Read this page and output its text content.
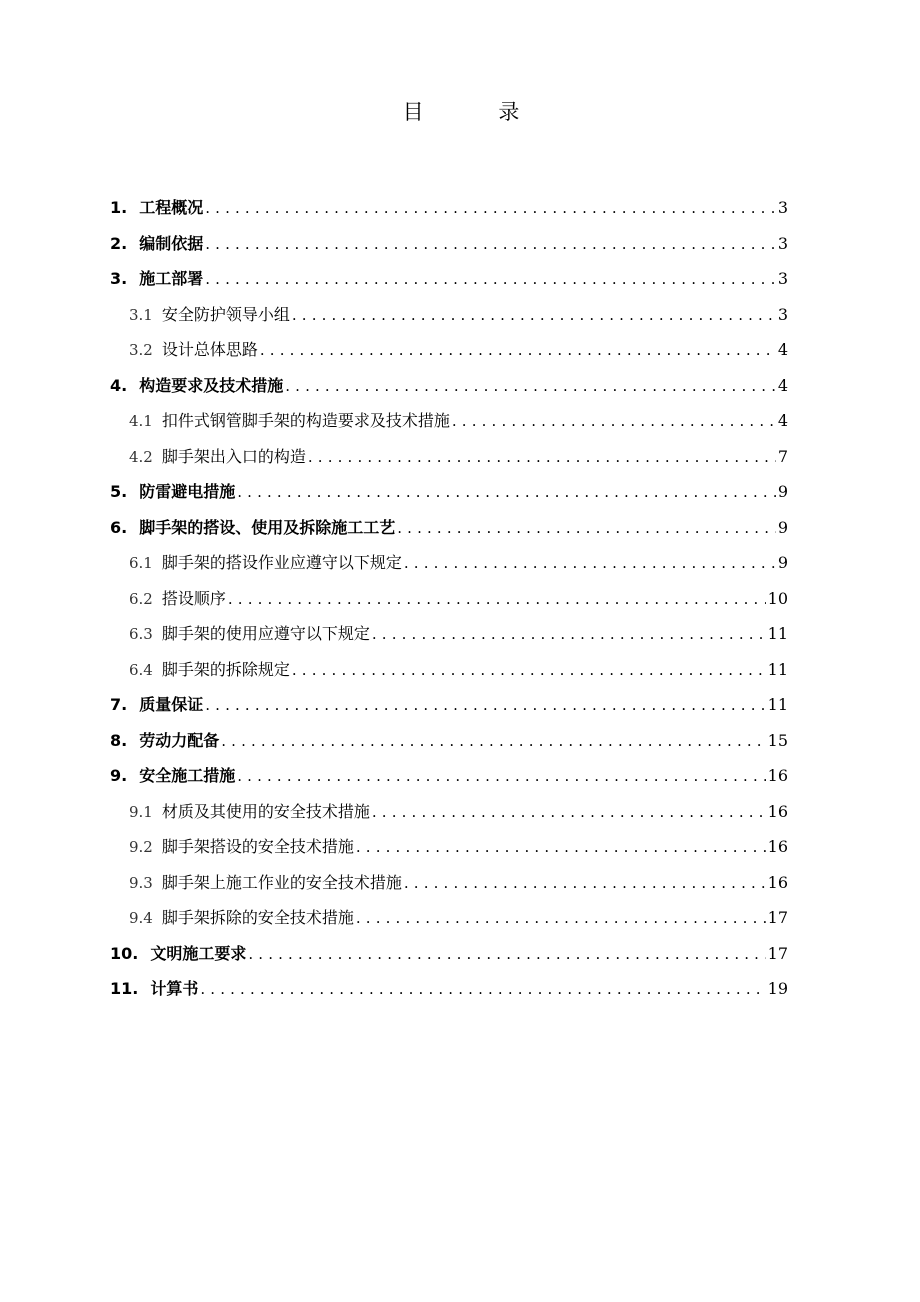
目 录
1. 工程概况 .....	3
2. 编制依据 .....	3
3. 施工部署 .....	3
3.1 安全防护领导小组 .....	3
3.2 设计总体思路 .....	4
4. 构造要求及技术措施 .....	4
4.1 扣件式钢管脚手架的构造要求及技术措施 .....	4
4.2 脚手架出入口的构造 .....	7
5. 防雷避电措施 .....	9
6. 脚手架的搭设、使用及拆除施工工艺 .....	9
6.1 脚手架的搭设作业应遵守以下规定 .....	9
6.2 搭设顺序 .....	10
6.3 脚手架的使用应遵守以下规定 .....	11
6.4 脚手架的拆除规定 .....	11
7. 质量保证 .....	11
8. 劳动力配备 .....	15
9. 安全施工措施 .....	16
9.1 材质及其使用的安全技术措施 .....	16
9.2 脚手架搭设的安全技术措施 .....	16
9.3 脚手架上施工作业的安全技术措施 .....	16
9.4 脚手架拆除的安全技术措施 .....	17
10. 文明施工要求 .....	17
11. 计算书 .....	19
